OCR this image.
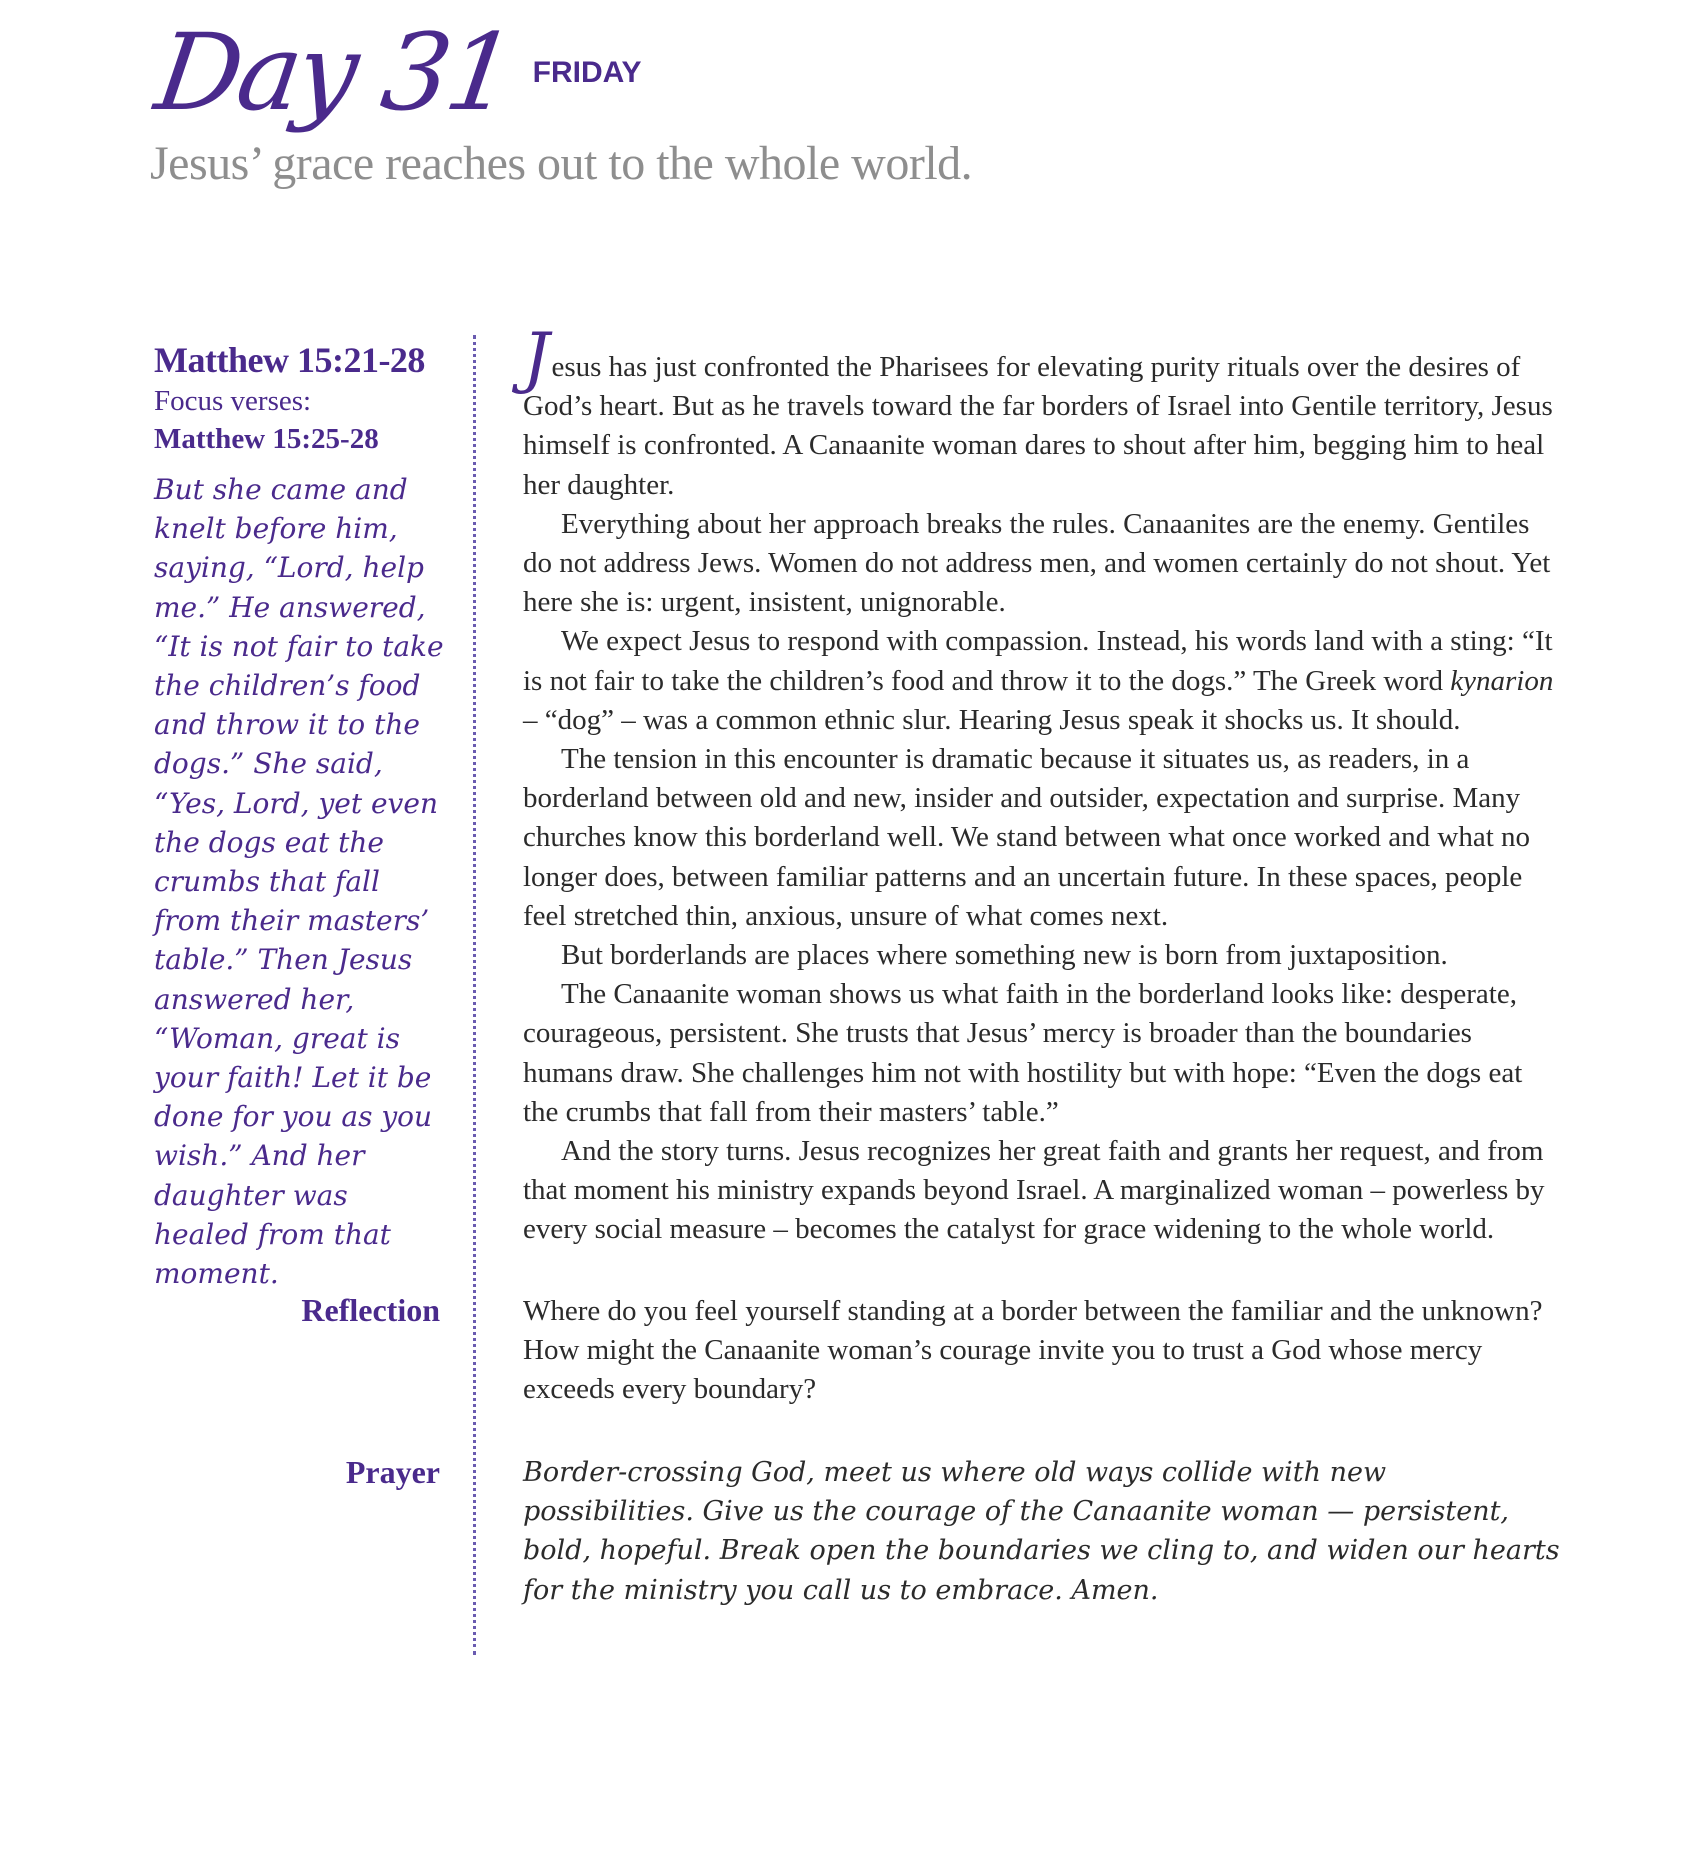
Day 31 FRIDAY
Jesus’ grace reaches out to the whole world.
Matthew 15:21-28
Focus verses:
Matthew 15:25-28
But she came and knelt before him, saying, “Lord, help me.” He answered, “It is not fair to take the children’s food and throw it to the dogs.” She said, “Yes, Lord, yet even the dogs eat the crumbs that fall from their masters’ table.” Then Jesus answered her, “Woman, great is your faith! Let it be done for you as you wish.” And her daughter was healed from that moment.

Jesus has just confronted the Pharisees for elevating purity rituals over the desires of God’s heart. But as he travels toward the far borders of Israel into Gentile territory, Jesus himself is confronted. A Canaanite woman dares to shout after him, begging him to heal her daughter.

Everything about her approach breaks the rules. Canaanites are the enemy. Gentiles do not address Jews. Women do not address men, and women certainly do not shout. Yet here she is: urgent, insistent, unignorable.

We expect Jesus to respond with compassion. Instead, his words land with a sting: “It is not fair to take the children’s food and throw it to the dogs.” The Greek word kynarion – “dog” – was a common ethnic slur. Hearing Jesus speak it shocks us. It should.

The tension in this encounter is dramatic because it situates us, as readers, in a borderland between old and new, insider and outsider, expectation and surprise. Many churches know this borderland well. We stand between what once worked and what no longer does, between familiar patterns and an uncertain future. In these spaces, people feel stretched thin, anxious, unsure of what comes next.

But borderlands are places where something new is born from juxtaposition.

The Canaanite woman shows us what faith in the borderland looks like: desperate, courageous, persistent. She trusts that Jesus’ mercy is broader than the boundaries humans draw. She challenges him not with hostility but with hope: “Even the dogs eat the crumbs that fall from their masters’ table.”

And the story turns. Jesus recognizes her great faith and grants her request, and from that moment his ministry expands beyond Israel. A marginalized woman – powerless by every social measure – becomes the catalyst for grace widening to the whole world.

Reflection	Where do you feel yourself standing at a border between the familiar and the unknown? How might the Canaanite woman’s courage invite you to trust a God whose mercy exceeds every boundary?
Prayer	Border-crossing God, meet us where old ways collide with new possibilities. Give us the courage of the Canaanite woman — persistent, bold, hopeful. Break open the boundaries we cling to, and widen our hearts for the ministry you call us to embrace. Amen.
